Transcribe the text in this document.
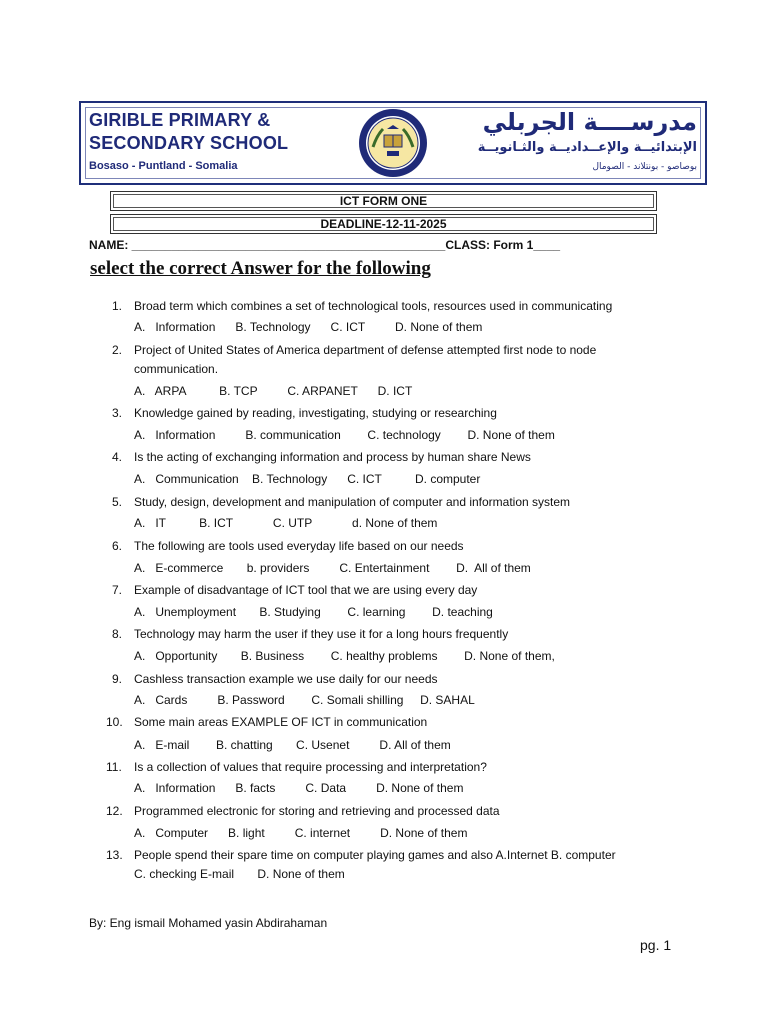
GIRIBLE PRIMARY &
SECONDARY SCHOOL
Bosaso - Puntland - Somalia
مدرســــة الجربلي
الإبتدائيــة والإعــداديــة والثـانويــة
بوصاصو - بونتلاند - الصومال
ICT FORM ONE
DEADLINE-12-11-2025
NAME: _______________________________________________CLASS: Form 1____
select the correct Answer for the following
1. Broad term which combines a set of technological tools, resources used in communicating
A.   Information      B. Technology      C. ICT         D. None of them
2. Project of United States of America department of defense attempted first node to node communication.
A.   ARPA          B. TCP         C. ARPANET      D. ICT
3. Knowledge gained by reading, investigating, studying or researching
A.   Information         B. communication        C. technology        D. None of them
4. Is the acting of exchanging information and process by human share News
A.   Communication    B. Technology      C. ICT          D. computer
5. Study, design, development and manipulation of computer and information system
A.   IT          B. ICT            C. UTP            d. None of them
6. The following are tools used everyday life based on our needs
A.   E-commerce       b. providers         C. Entertainment        D.  All of them
7. Example of disadvantage of ICT tool that we are using every day
A.   Unemployment       B. Studying        C. learning        D. teaching
8. Technology may harm the user if they use it for a long hours frequently
A.   Opportunity       B. Business        C. healthy problems        D. None of them,
9. Cashless transaction example we use daily for our needs
A.   Cards         B. Password        C. Somali shilling     D. SAHAL
10. Some main areas EXAMPLE OF ICT in communication
A.   E-mail        B. chatting       C. Usenet         D. All of them
11.	Is a collection of values that require processing and interpretation?
A.   Information      B. facts         C. Data         D. None of them
12. Programmed electronic for storing and retrieving and processed data
A.   Computer      B. light         C. internet         D. None of them
13. People spend their spare time on computer playing games and also A.Internet B. computer
C. checking E-mail       D. None of them
By: Eng ismail Mohamed yasin Abdirahaman
pg. 1
